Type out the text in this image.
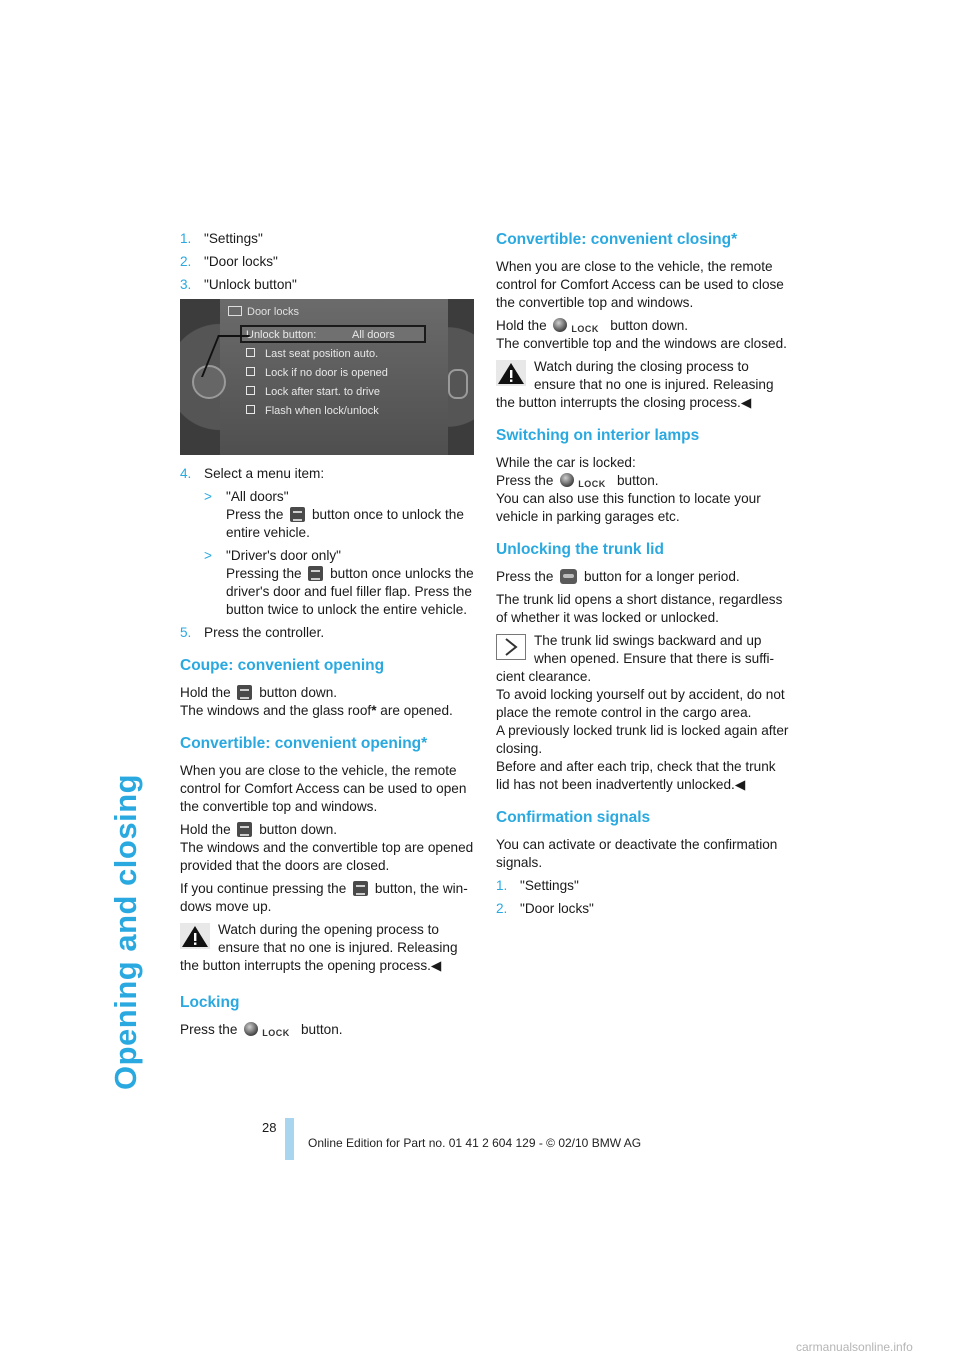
Opening and closing
1. "Settings"
2. "Door locks"
3. "Unlock button"
Door locks
Unlock button:	All doors
Last seat position auto.
Lock if no door is opened
Lock after start. to drive
Flash when lock/unlock
4. Select a menu item:
> "All doors"
Press the button once to unlock the entire vehicle.
> "Driver's door only"
Pressing the button once unlocks the driver's door and fuel filler flap. Press the button twice to unlock the entire vehicle.
5. Press the controller.
Coupe: convenient opening

Hold the button down.
The windows and the glass roof* are opened.

Convertible: convenient opening*

When you are close to the vehicle, the remote control for Comfort Access can be used to open the convertible top and windows.

Hold the button down.
The windows and the convertible top are opened provided that the doors are closed.

If you continue pressing the button, the win-dows move up.

Watch during the opening process to ensure that no one is injured. Releasing the button interrupts the opening process.◀
Locking

Press the	LOCK button.

Convertible: convenient closing*

When you are close to the vehicle, the remote control for Comfort Access can be used to close the convertible top and windows.

Hold the	LOCK button down.
The convertible top and the windows are closed.

Watch during the closing process to ensure that no one is injured. Releasing the button interrupts the closing process.◀
Switching on interior lamps

While the car is locked:
Press the	LOCK button.
You can also use this function to locate your vehicle in parking garages etc.

Unlocking the trunk lid

Press the button for a longer period.

The trunk lid opens a short distance, regardless of whether it was locked or unlocked.

The trunk lid swings backward and up when opened. Ensure that there is suffi-cient clearance.
To avoid locking yourself out by accident, do not place the remote control in the cargo area.
A previously locked trunk lid is locked again after closing.
Before and after each trip, check that the trunk lid has not been inadvertently unlocked.◀
Confirmation signals

You can activate or deactivate the confirmation signals.

1. "Settings"
2. "Door locks"
28
Online Edition for Part no. 01 41 2 604 129 - © 02/10 BMW AG
carmanualsonline.info
